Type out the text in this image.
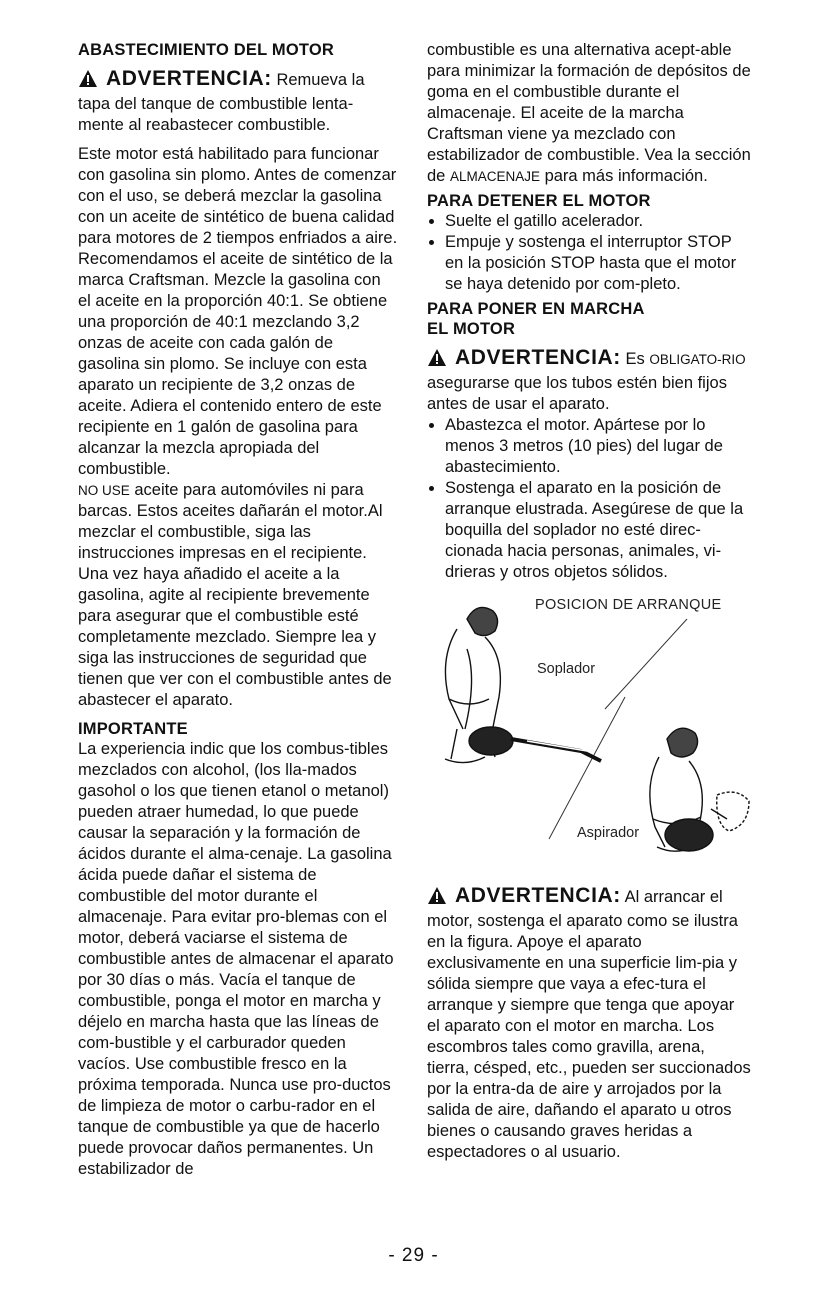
ABASTECIMIENTO DEL MOTOR

ADVERTENCIA: Remueva la tapa del tanque de combustible lenta-mente al reabastecer combustible.

Este motor está habilitado para funcionar con gasolina sin plomo. Antes de comenzar con el uso, se deberá mezclar la gasolina con un aceite de sintético de buena calidad para motores de 2 tiempos enfriados a aire. Recomendamos el aceite de sintético de la marca Craftsman. Mezcle la gasolina con el aceite en la proporción 40:1. Se obtiene una proporción de 40:1 mezclando 3,2 onzas de aceite con cada galón de gasolina sin plomo. Se incluye con esta aparato un recipiente de 3,2 onzas de aceite. Adiera el contenido entero de este recipiente en 1 galón de gasolina para alcanzar la mezcla apropiada del combustible.

NO USE aceite para automóviles ni para barcas. Estos aceites dañarán el motor.Al mezclar el combustible, siga las instrucciones impresas en el recipiente. Una vez haya añadido el aceite a la gasolina, agite al recipiente brevemente para asegurar que el combustible esté completamente mezclado. Siempre lea y siga las instrucciones de seguridad que tienen que ver con el combustible antes de abastecer el aparato.

IMPORTANTE

La experiencia indic que los combus-tibles mezclados con alcohol, (los lla-mados gasohol o los que tienen etanol o metanol) pueden atraer humedad, lo que puede causar la separación y la formación de ácidos durante el alma-cenaje. La gasolina ácida puede dañar el sistema de combustible del motor durante el almacenaje. Para evitar pro-blemas con el motor, deberá vaciarse el sistema de combustible antes de almacenar el aparato por 30 días o más. Vacía el tanque de combustible, ponga el motor en marcha y déjelo en marcha hasta que las líneas de com-bustible y el carburador queden vacíos. Use combustible fresco en la próxima temporada. Nunca use pro-ductos de limpieza de motor o carbu-rador en el tanque de combustible ya que de hacerlo puede provocar daños permanentes. Un estabilizador de

combustible es una alternativa acept-able para minimizar la formación de depósitos de goma en el combustible durante el almacenaje. El aceite de la marcha Craftsman viene ya mezclado con estabilizador de combustible. Vea la sección de ALMACENAJE para más información.

PARA DETENER EL MOTOR

Suelte el gatillo acelerador.
Empuje y sostenga el interruptor STOP en la posición STOP hasta que el motor se haya detenido por com-pleto.

PARA PONER EN MARCHA

EL MOTOR

ADVERTENCIA: Es OBLIGATO-RIO asegurarse que los tubos estén bien fijos antes de usar el aparato.

Abastezca el motor. Apártese por lo menos 3 metros (10 pies) del lugar de abastecimiento.
Sostenga el aparato en la posición de arranque elustrada. Asegúrese de que la boquilla del soplador no esté direc-cionada hacia personas, animales, vi-drieras y otros objetos sólidos.
POSICION DE ARRANQUE
Soplador
Aspirador

ADVERTENCIA: Al arrancar el motor, sostenga el aparato como se ilustra en la figura. Apoye el aparato exclusivamente en una superficie lim-pia y sólida siempre que vaya a efec-tura el arranque y siempre que tenga que apoyar el aparato con el motor en marcha. Los escombros tales como gravilla, arena, tierra, césped, etc., pueden ser succionados por la entra-da de aire y arrojados por la salida de aire, dañando el aparato u otros bienes o causando graves heridas a espectadores o al usuario.

- 29 -
